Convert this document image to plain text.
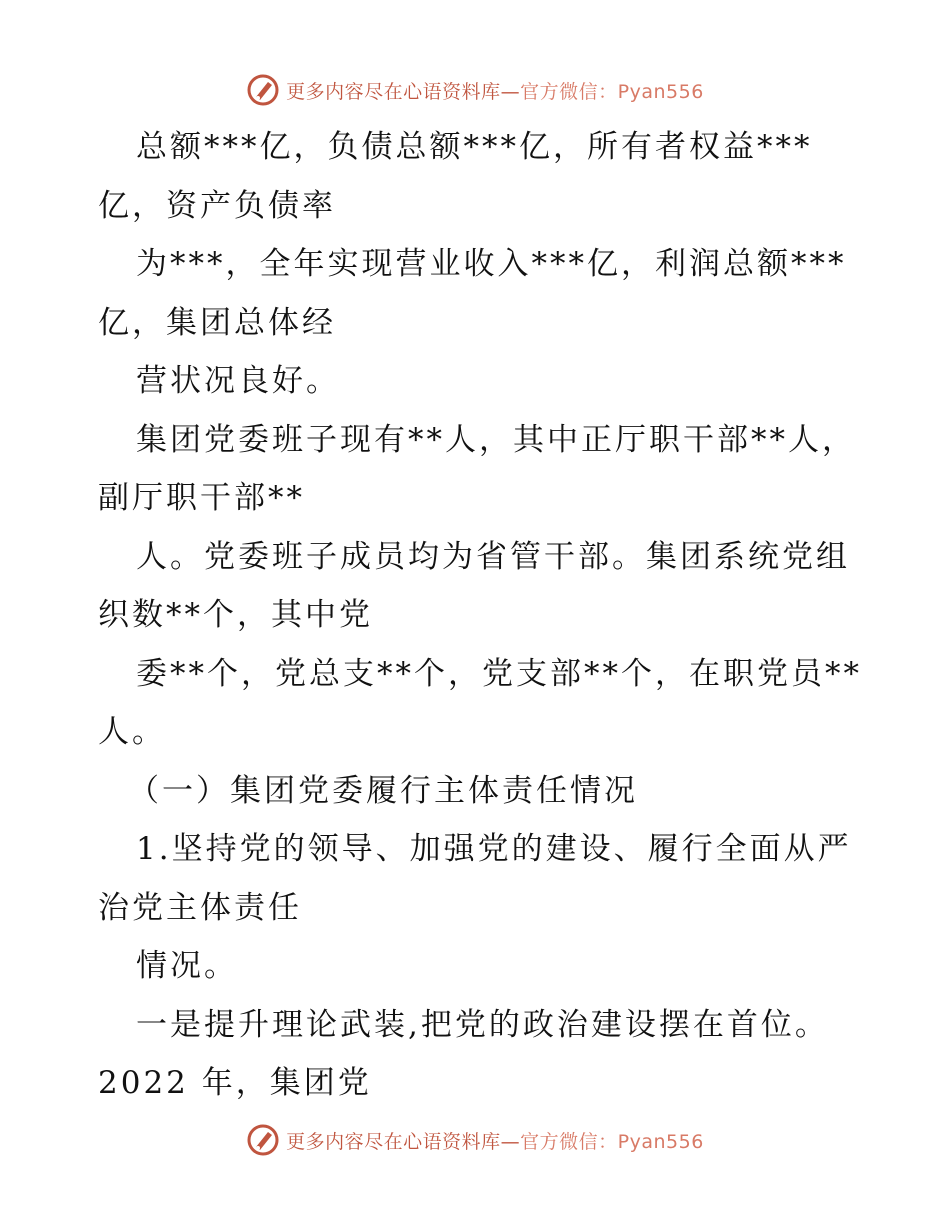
更多内容尽在心语资料库—官方微信：Pyan556
总额***亿，负债总额***亿，所有者权益***
亿，资产负债率
为***，全年实现营业收入***亿，利润总额***
亿，集团总体经
营状况良好。
集团党委班子现有**人，其中正厅职干部**人，
副厅职干部**
人。党委班子成员均为省管干部。集团系统党组
织数**个，其中党
委**个，党总支**个，党支部**个，在职党员**
人。
（一）集团党委履行主体责任情况
1.坚持党的领导、加强党的建设、履行全面从严
治党主体责任
情况。
一是提升理论武装,把党的政治建设摆在首位。
2022 年，集团党
更多内容尽在心语资料库—官方微信：Pyan556
